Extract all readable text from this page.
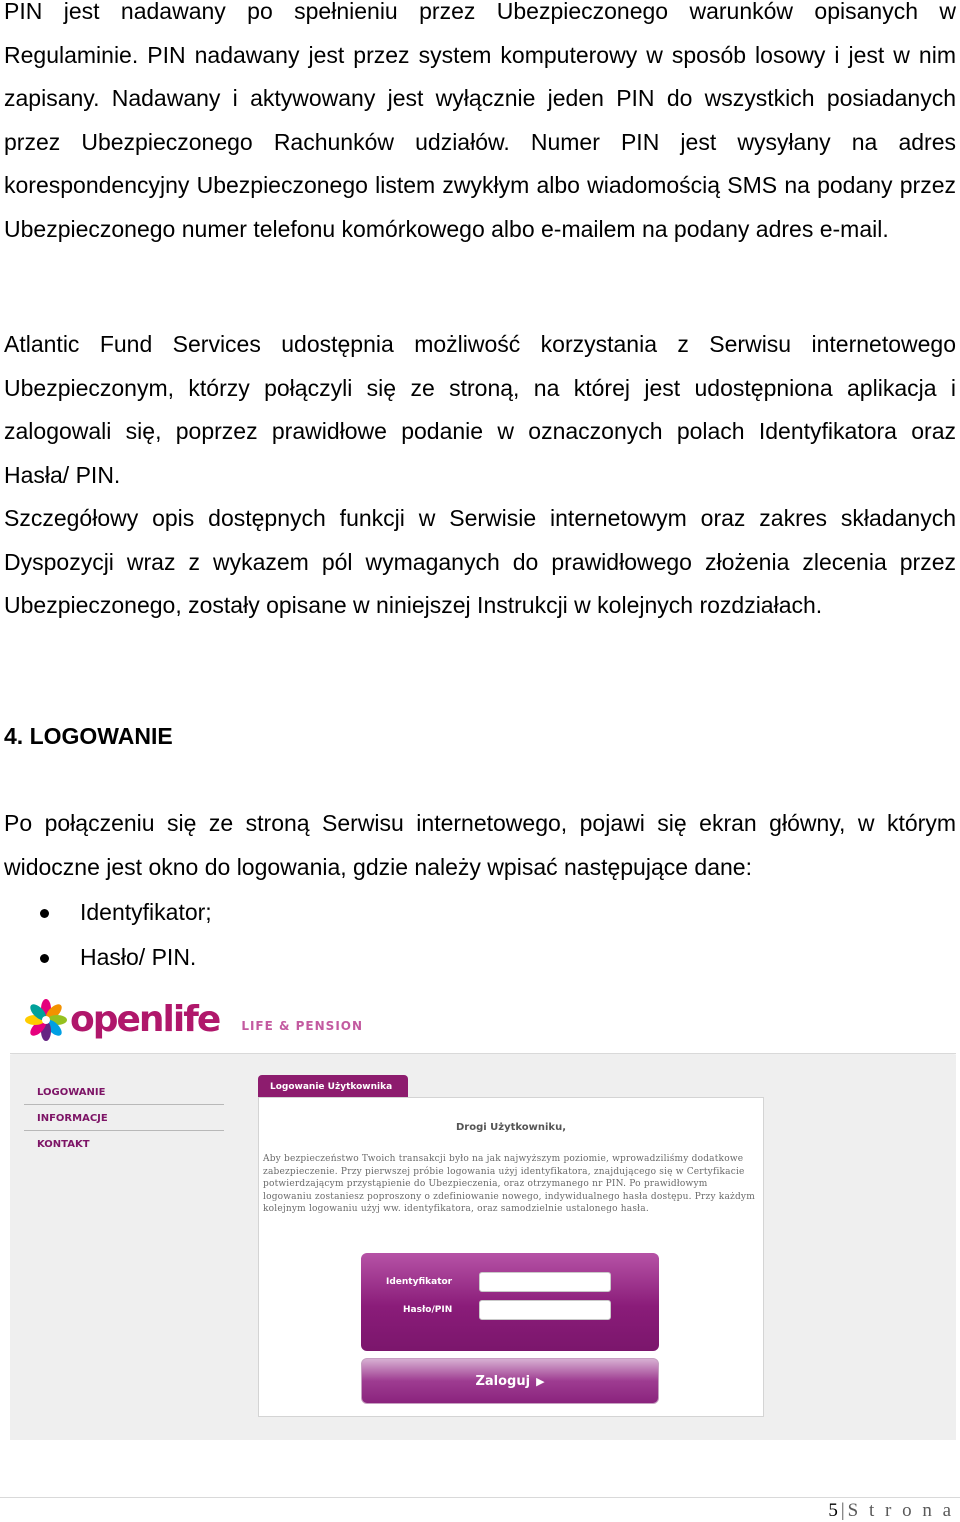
PIN jest nadawany po spełnieniu przez Ubezpieczonego warunków opisanych w Regulaminie. PIN nadawany jest przez system komputerowy w sposób losowy i jest w nim zapisany. Nadawany i aktywowany jest wyłącznie jeden PIN do wszystkich posiadanych przez Ubezpieczonego Rachunków udziałów. Numer PIN jest wysyłany na adres korespondencyjny Ubezpieczonego listem zwykłym albo wiadomością SMS na podany przez Ubezpieczonego numer telefonu komórkowego albo e-mailem na podany adres e-mail.

Atlantic Fund Services udostępnia możliwość korzystania z Serwisu internetowego Ubezpieczonym, którzy połączyli się ze stroną, na której jest udostępniona aplikacja i zalogowali się, poprzez prawidłowe podanie w oznaczonych polach Identyfikatora oraz Hasła/ PIN.

Szczegółowy opis dostępnych funkcji w Serwisie internetowym oraz zakres składanych Dyspozycji wraz z wykazem pól wymaganych do prawidłowego złożenia zlecenia przez Ubezpieczonego, zostały opisane w niniejszej Instrukcji w kolejnych rozdziałach.

4. LOGOWANIE

Po połączeniu się ze stroną Serwisu internetowego, pojawi się ekran główny, w którym widoczne jest okno do logowania, gdzie należy wpisać następujące dane:

Identyfikator;
Hasło/ PIN.
openlife LIFE & PENSION
LOGOWANIE
INFORMACJE
KONTAKT
Logowanie Użytkownika
Drogi Użytkowniku,
Aby bezpieczeństwo Twoich transakcji było na jak najwyższym poziomie, wprowadziliśmy dodatkowe zabezpieczenie. Przy pierwszej próbie logowania użyj identyfikatora, znajdującego się w Certyfikacie potwierdzającym przystąpienie do Ubezpieczenia, oraz otrzymanego nr PIN. Po prawidłowym logowaniu zostaniesz poproszony o zdefiniowanie nowego, indywidualnego hasła dostępu. Przy każdym kolejnym logowaniu użyj ww. identyfikatora, oraz samodzielnie ustalonego hasła.
Identyfikator
Hasło/PIN
Zaloguj ▶
5|S t r o n a
